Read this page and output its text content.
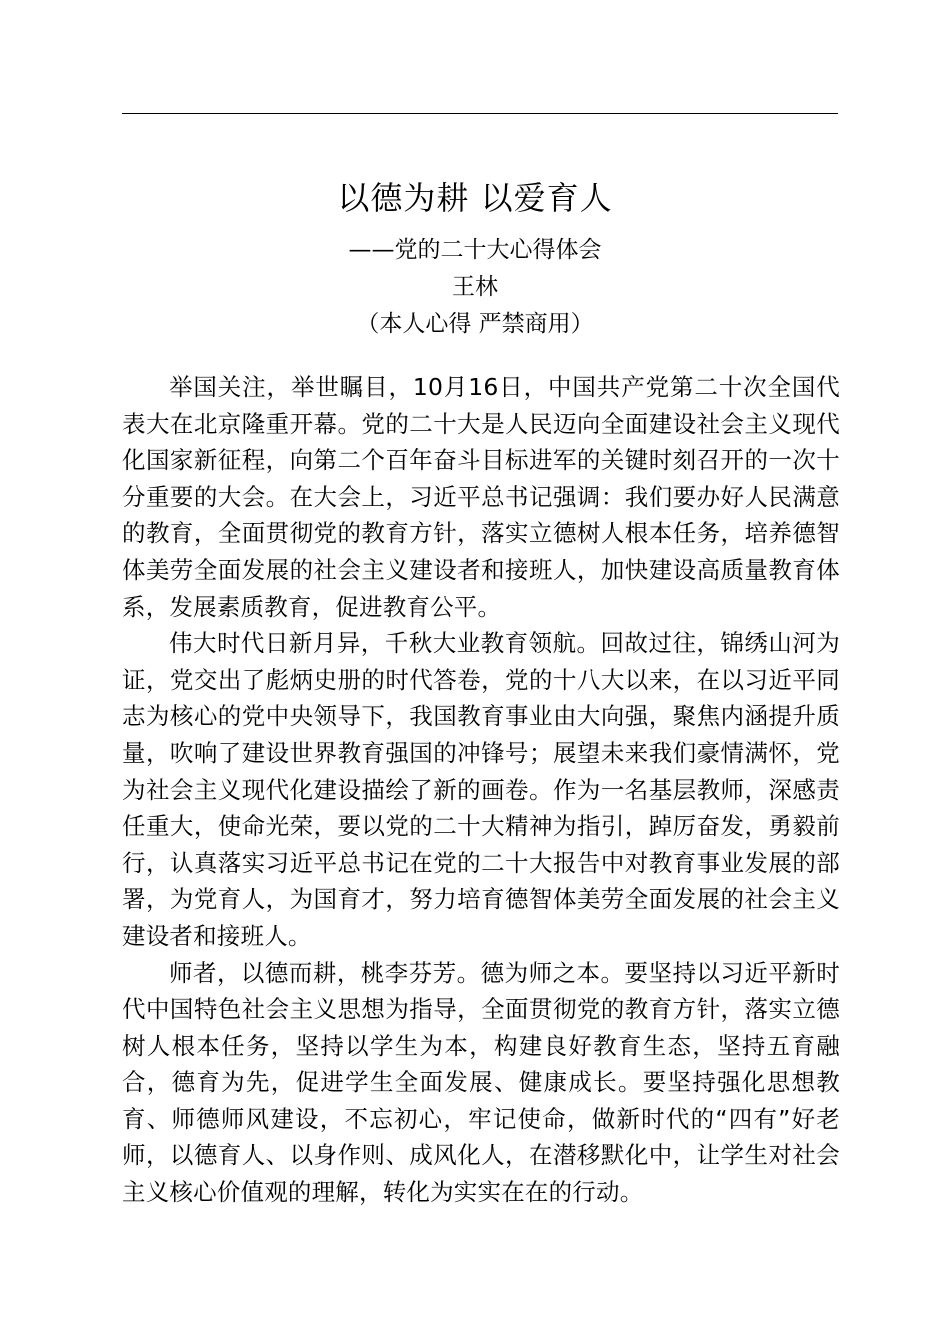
以德为耕 以爱育人
——党的二十大心得体会
王林
（本人心得 严禁商用）

举国关注，举世瞩目，10月16日，中国共产党第二十次全国代表大在北京隆重开幕。党的二十大是人民迈向全面建设社会主义现代化国家新征程，向第二个百年奋斗目标进军的关键时刻召开的一次十分重要的大会。在大会上，习近平总书记强调：我们要办好人民满意的教育，全面贯彻党的教育方针，落实立德树人根本任务，培养德智体美劳全面发展的社会主义建设者和接班人，加快建设高质量教育体系，发展素质教育，促进教育公平。

伟大时代日新月异，千秋大业教育领航。回故过往，锦绣山河为证，党交出了彪炳史册的时代答卷，党的十八大以来，在以习近平同志为核心的党中央领导下，我国教育事业由大向强，聚焦内涵提升质量，吹响了建设世界教育强国的冲锋号；展望未来我们豪情满怀，党为社会主义现代化建设描绘了新的画卷。作为一名基层教师，深感责任重大，使命光荣，要以党的二十大精神为指引，踔厉奋发，勇毅前行，认真落实习近平总书记在党的二十大报告中对教育事业发展的部署，为党育人，为国育才，努力培育德智体美劳全面发展的社会主义建设者和接班人。

师者，以德而耕，桃李芬芳。德为师之本。要坚持以习近平新时代中国特色社会主义思想为指导，全面贯彻党的教育方针，落实立德树人根本任务，坚持以学生为本，构建良好教育生态，坚持五育融合，德育为先，促进学生全面发展、健康成长。要坚持强化思想教育、师德师风建设，不忘初心，牢记使命，做新时代的“四有”好老师，以德育人、以身作则、成风化人，在潜移默化中，让学生对社会主义核心价值观的理解，转化为实实在在的行动。
